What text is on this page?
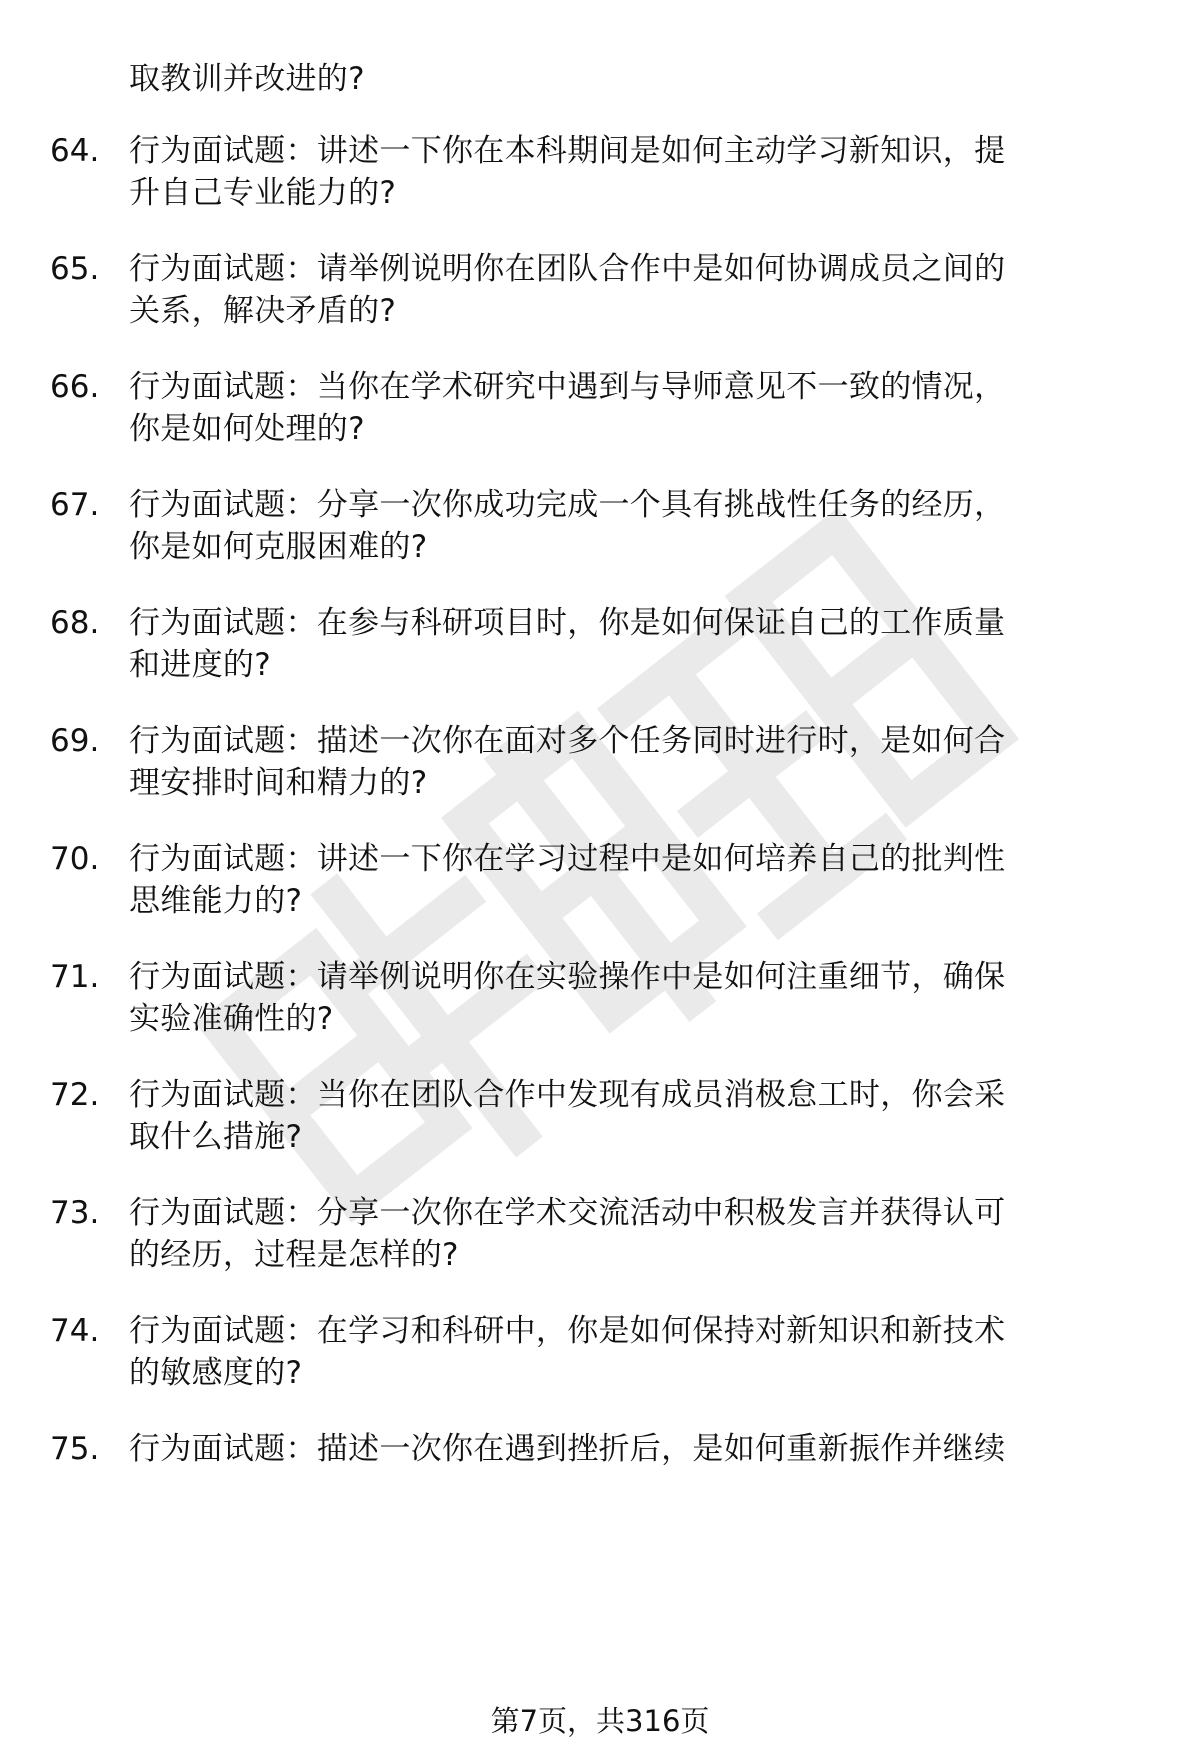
取教训并改进的?
64. 行为面试题：讲述一下你在本科期间是如何主动学习新知识，提
升自己专业能力的?
65. 行为面试题：请举例说明你在团队合作中是如何协调成员之间的
关系，解决矛盾的?
66. 行为面试题：当你在学术研究中遇到与导师意见不一致的情况，
你是如何处理的?
67. 行为面试题：分享一次你成功完成一个具有挑战性任务的经历，
你是如何克服困难的?
68. 行为面试题：在参与科研项目时，你是如何保证自己的工作质量
和进度的?
69. 行为面试题：描述一次你在面对多个任务同时进行时，是如何合
理安排时间和精力的?
70. 行为面试题：讲述一下你在学习过程中是如何培养自己的批判性
思维能力的?
71. 行为面试题：请举例说明你在实验操作中是如何注重细节，确保
实验准确性的?
72. 行为面试题：当你在团队合作中发现有成员消极怠工时，你会采
取什么措施?
73. 行为面试题：分享一次你在学术交流活动中积极发言并获得认可
的经历，过程是怎样的?
74. 行为面试题：在学习和科研中，你是如何保持对新知识和新技术
的敏感度的?
75. 行为面试题：描述一次你在遇到挫折后，是如何重新振作并继续
第7页，共316页
